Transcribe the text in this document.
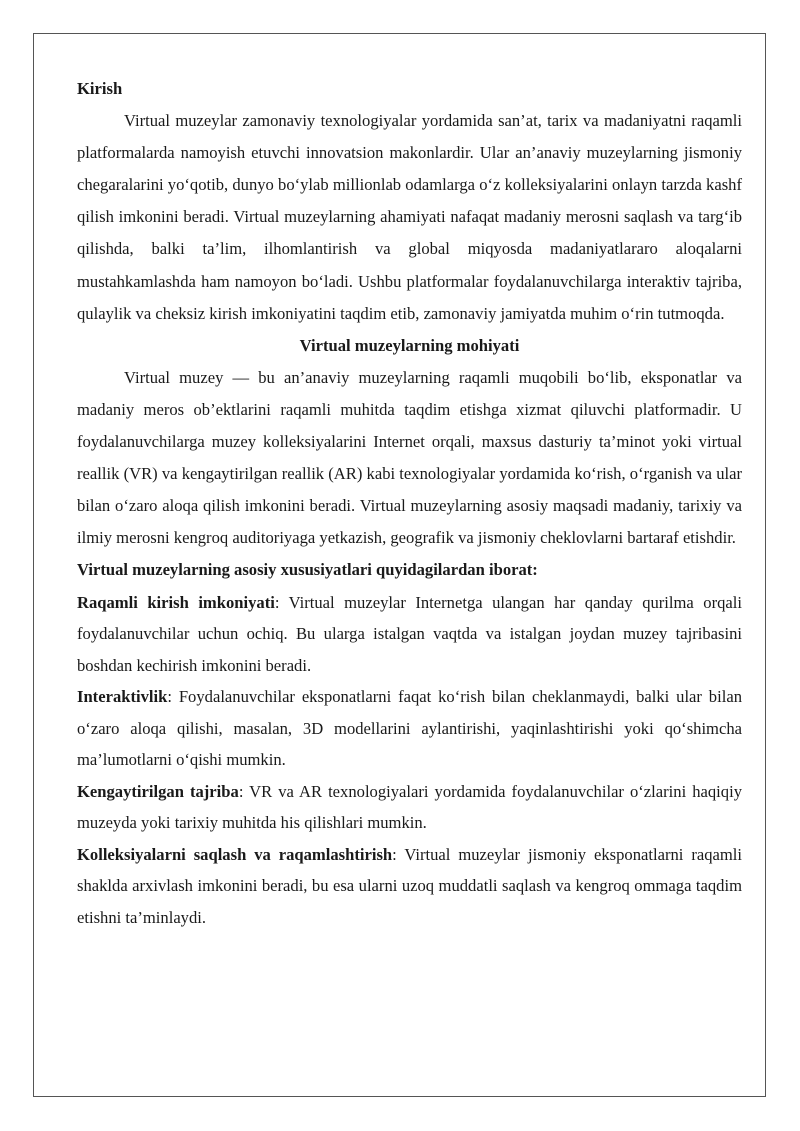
Kirish

Virtual muzeylar zamonaviy texnologiyalar yordamida san’at, tarix va madaniyatni raqamli platformalarda namoyish etuvchi innovatsion makonlardir. Ular an’anaviy muzeylarning jismoniy chegaralarini yo‘qotib, dunyo bo‘ylab millionlab odamlarga o‘z kolleksiyalarini onlayn tarzda kashf qilish imkonini beradi. Virtual muzeylarning ahamiyati nafaqat madaniy merosni saqlash va targ‘ib qilishda, balki ta’lim, ilhomlantirish va global miqyosda madaniyatlararo aloqalarni mustahkamlashda ham namoyon bo‘ladi. Ushbu platformalar foydalanuvchilarga interaktiv tajriba, qulaylik va cheksiz kirish imkoniyatini taqdim etib, zamonaviy jamiyatda muhim o‘rin tutmoqda.

Virtual muzeylarning mohiyati

Virtual muzey — bu an’anaviy muzeylarning raqamli muqobili bo‘lib, eksponatlar va madaniy meros ob’ektlarini raqamli muhitda taqdim etishga xizmat qiluvchi platformadir. U foydalanuvchilarga muzey kolleksiyalarini Internet orqali, maxsus dasturiy ta’minot yoki virtual reallik (VR) va kengaytirilgan reallik (AR) kabi texnologiyalar yordamida ko‘rish, o‘rganish va ular bilan o‘zaro aloqa qilish imkonini beradi. Virtual muzeylarning asosiy maqsadi madaniy, tarixiy va ilmiy merosni kengroq auditoriyaga yetkazish, geografik va jismoniy cheklovlarni bartaraf etishdir.

Virtual muzeylarning asosiy xususiyatlari quyidagilardan iborat:

Raqamli kirish imkoniyati: Virtual muzeylar Internetga ulangan har qanday qurilma orqali foydalanuvchilar uchun ochiq. Bu ularga istalgan vaqtda va istalgan joydan muzey tajribasini boshdan kechirish imkonini beradi.

Interaktivlik: Foydalanuvchilar eksponatlarni faqat ko‘rish bilan cheklanmaydi, balki ular bilan o‘zaro aloqa qilishi, masalan, 3D modellarini aylantirishi, yaqinlashtirishi yoki qo‘shimcha ma’lumotlarni o‘qishi mumkin.

Kengaytirilgan tajriba: VR va AR texnologiyalari yordamida foydalanuvchilar o‘zlarini haqiqiy muzeyda yoki tarixiy muhitda his qilishlari mumkin.

Kolleksiyalarni saqlash va raqamlashtirish: Virtual muzeylar jismoniy eksponatlarni raqamli shaklda arxivlash imkonini beradi, bu esa ularni uzoq muddatli saqlash va kengroq ommaga taqdim etishni ta’minlaydi.
